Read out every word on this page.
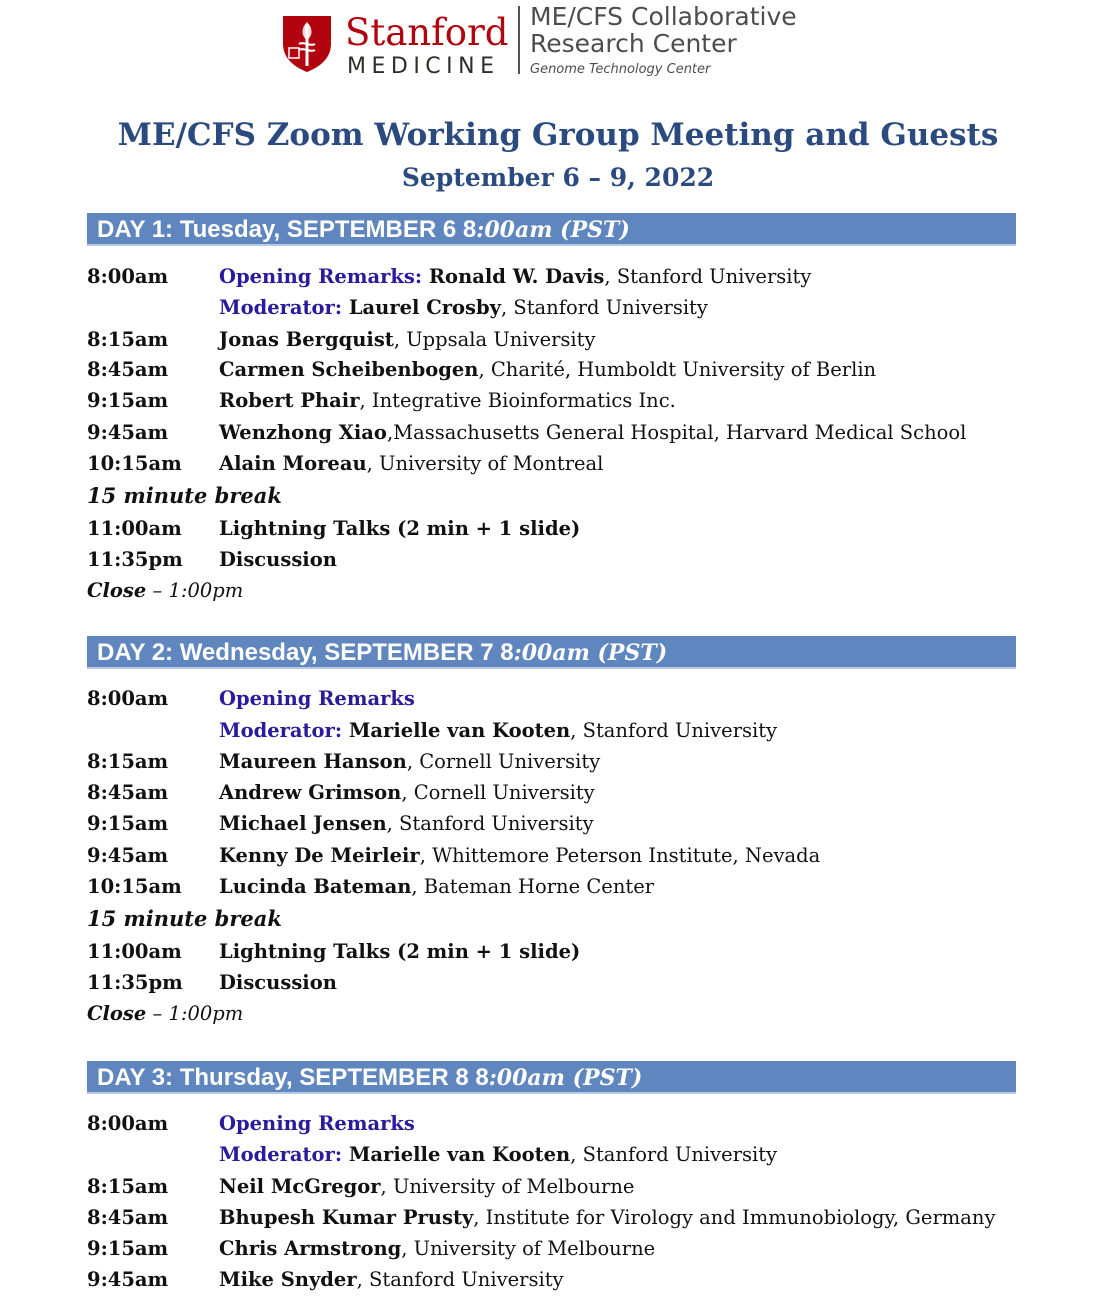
Stanford
MEDICINE
ME/CFS Collaborative
Research Center
Genome Technology Center
ME/CFS Zoom Working Group Meeting and Guests
September 6 – 9, 2022
DAY 1: Tuesday, SEPTEMBER 6 8:00am (PST)
8:00am	Opening Remarks: Ronald W. Davis, Stanford University
Moderator: Laurel Crosby, Stanford University
8:15am	Jonas Bergquist, Uppsala University
8:45am	Carmen Scheibenbogen, Charité, Humboldt University of Berlin
9:15am	Robert Phair, Integrative Bioinformatics Inc.
9:45am	Wenzhong Xiao,Massachusetts General Hospital, Harvard Medical School
10:15am Alain Moreau, University of Montreal
15 minute break
11:00am Lightning Talks (2 min + 1 slide)
11:35pm Discussion
Close – 1:00pm
DAY 2: Wednesday, SEPTEMBER 7 8:00am (PST)
8:00am	Opening Remarks
Moderator: Marielle van Kooten, Stanford University
8:15am	Maureen Hanson, Cornell University
8:45am	Andrew Grimson, Cornell University
9:15am	Michael Jensen, Stanford University
9:45am	Kenny De Meirleir, Whittemore Peterson Institute, Nevada
10:15am Lucinda Bateman, Bateman Horne Center
15 minute break
11:00am Lightning Talks (2 min + 1 slide)
11:35pm Discussion
Close – 1:00pm
DAY 3: Thursday, SEPTEMBER 8 8:00am (PST)
8:00am	Opening Remarks
Moderator: Marielle van Kooten, Stanford University
8:15am	Neil McGregor, University of Melbourne
8:45am	Bhupesh Kumar Prusty, Institute for Virology and Immunobiology, Germany
9:15am	Chris Armstrong, University of Melbourne
9:45am	Mike Snyder, Stanford University
